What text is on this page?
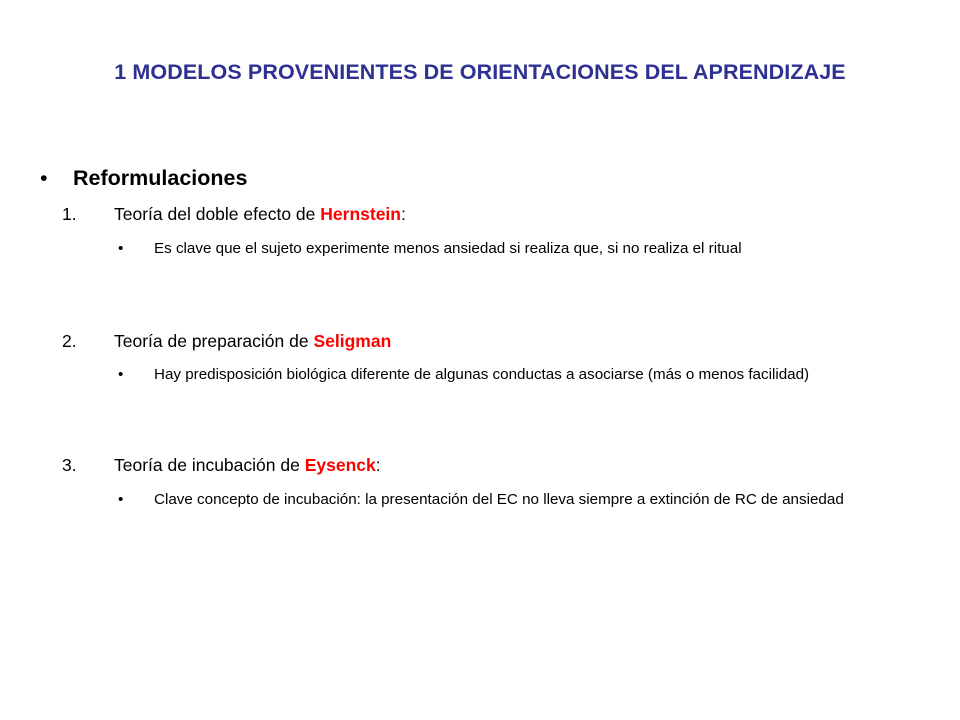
1 MODELOS PROVENIENTES DE ORIENTACIONES DEL APRENDIZAJE
• Reformulaciones
1. Teoría del doble efecto de Hernstein:
• Es clave que el sujeto experimente menos ansiedad si realiza que, si no realiza el ritual
2. Teoría de preparación de Seligman
• Hay predisposición biológica diferente de algunas conductas a asociarse (más o menos facilidad)
3. Teoría de incubación de Eysenck:
• Clave concepto de incubación: la presentación del EC no lleva siempre a extinción de RC de ansiedad
